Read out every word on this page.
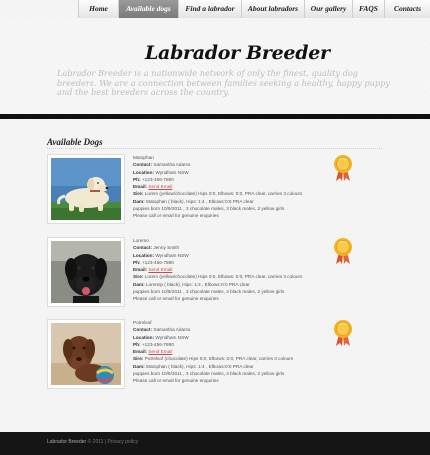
Home	Available dogs	Find a labrador	About labradors	Our gallery	FAQS	Contacts
Labrador Breeder
Labrador Breeder is a nationwide network of only the finest, quality dog breeders. We are a connection between families seeking a healthy, happy puppy and the best breeders across the country.
Available Dogs
Matophan
Contact: Samantha Adams
Location: Wyndham NSW
Ph: +123-456-7890
Email: Send Email
Sire: Lorem (yellow/chocolate) Hips 0:0, Elbows: 0:0, PRA clear, carries 3 colours
Dam: Matophan ( black), Hips: 1:4 , Elbows:0:0 PRA clear
puppies born 10/9/2011 , 3 chocolate males, 3 black males, 2 yellow girls
Please call or email for genuine enquiries
Loremo
Contact: Jenny Smith
Location: Wyndham NSW
Ph: +123-456-7890
Email: Send Email
Sire: Lorem (yellow/chocolate) Hips 0:0, Elbows: 0:0, PRA clear, carries 3 colours
Dam: Loremip ( black), Hips: 1:4 , Elbows:0:0 PRA clear
puppies born 10/9/2011 , 3 chocolate males, 3 black males, 2 yellow girls
Please call or email for genuine enquiries
Potrelsof
Contact: Samantha Adams
Location: Wyndham NSW
Ph: +123-456-7890
Email: Send Email
Sire: Potrelsof (chocolate) Hips 0:0, Elbows: 0:0, PRA clear, carries 3 colours
Dam: Matophan ( black), Hips: 1:4 , Elbows:0:0 PRA clear
puppies born 10/9/2011 , 3 chocolate males, 3 black males, 2 yellow girls
Please call or email for genuine enquiries
Labrador Breeder © 2011 | Privacy policy
